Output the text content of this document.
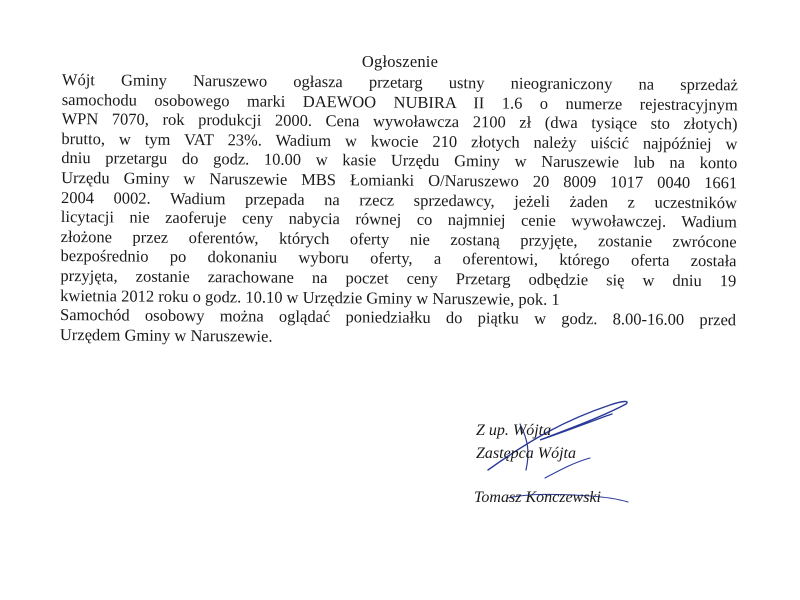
Ogłoszenie
Wójt Gminy Naruszewo ogłasza przetarg ustny nieograniczony na sprzedaż
samochodu osobowego marki DAEWOO NUBIRA II 1.6 o numerze rejestracyjnym
WPN 7070, rok produkcji 2000. Cena wywoławcza 2100 zł (dwa tysiące sto złotych)
brutto, w tym VAT 23%. Wadium w kwocie 210 złotych należy uiścić najpóźniej w
dniu przetargu do godz. 10.00 w kasie Urzędu Gminy w Naruszewie lub na konto
Urzędu Gminy w Naruszewie MBS Łomianki O/Naruszewo 20 8009 1017 0040 1661
2004 0002. Wadium przepada na rzecz sprzedawcy, jeżeli żaden z uczestników
licytacji nie zaoferuje ceny nabycia równej co najmniej cenie wywoławczej. Wadium
złożone przez oferentów, których oferty nie zostaną przyjęte, zostanie zwrócone
bezpośrednio po dokonaniu wyboru oferty, a oferentowi, którego oferta została
przyjęta, zostanie zarachowane na poczet ceny Przetarg odbędzie się w dniu 19
kwietnia 2012 roku o godz. 10.10 w Urzędzie Gminy w Naruszewie, pok. 1
Samochód osobowy można oglądać poniedziałku do piątku w godz. 8.00-16.00 przed
Urzędem Gminy w Naruszewie.
Z up. Wójta
Zastępca Wójta
Tomasz Konczewski
